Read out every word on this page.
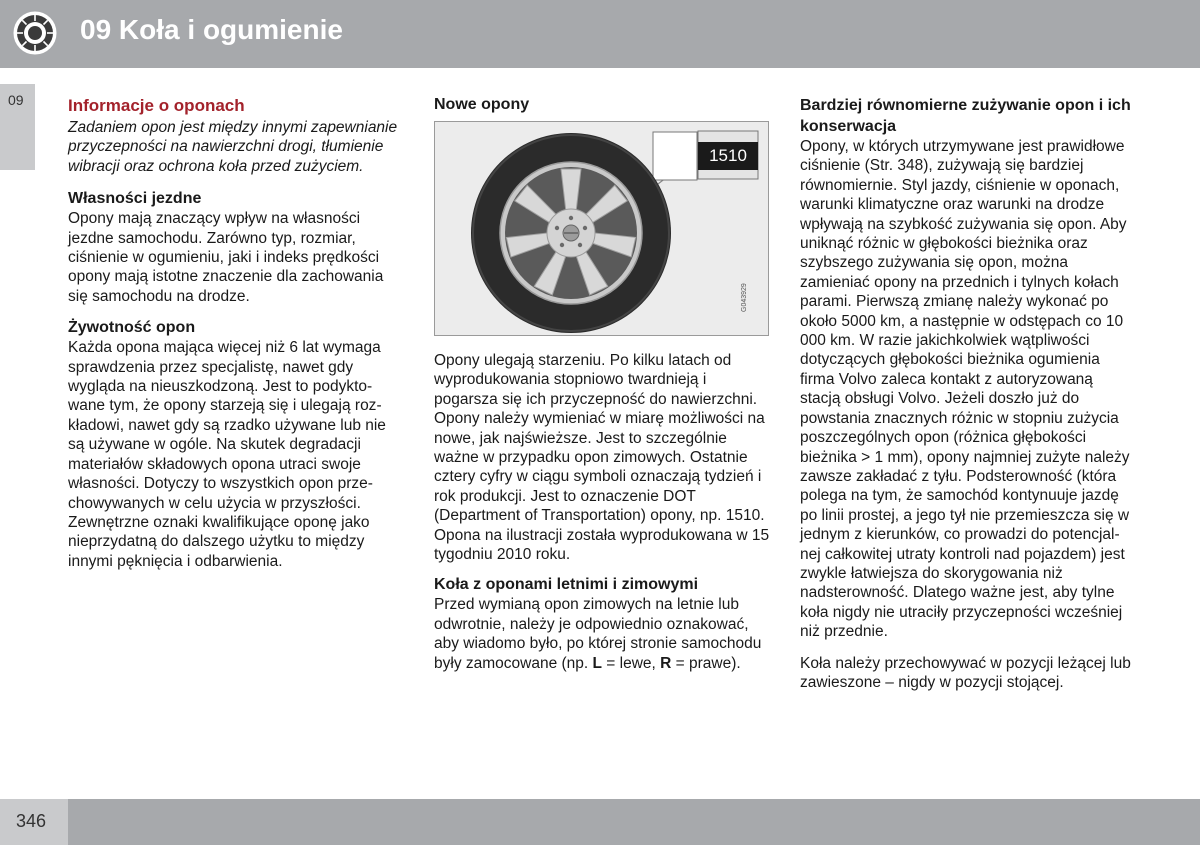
09 Koła i ogumienie
09	Informacje o oponach

Zadaniem opon jest między innymi zapewnianie przyczepności na nawierzchni drogi, tłumienie wibracji oraz ochrona koła przed zużyciem.

Własności jezdne

Opony mają znaczący wpływ na własności jezdne samochodu. Zarówno typ, rozmiar, ciśnienie w ogumieniu, jaki i indeks prędkości opony mają istotne znaczenie dla zachowania się samochodu na drodze.

Żywotność opon

Każda opona mająca więcej niż 6 lat wymaga sprawdzenia przez specjalistę, nawet gdy wygląda na nieuszkodzoną. Jest to podyktowane tym, że opony starzeją się i ulegają rozkładowi, nawet gdy są rzadko używane lub nie są używane w ogóle. Na skutek degradacji materiałów składowych opona utraci swoje własności. Dotyczy to wszystkich opon przechowywanych w celu użycia w przyszłości. Zewnętrzne oznaki kwalifikujące oponę jako nieprzydatną do dalszego użytku to między innymi pęknięcia i odbarwienia.

Nowe opony

1510
G043929

Opony ulegają starzeniu. Po kilku latach od wyprodukowania stopniowo twardnieją i pogarsza się ich przyczepność do nawierzchni. Opony należy wymieniać w miarę możliwości na nowe, jak najświeższe. Jest to szczególnie ważne w przypadku opon zimowych. Ostatnie cztery cyfry w ciągu symboli oznaczają tydzień i rok produkcji. Jest to oznaczenie DOT (Department of Transportation) opony, np. 1510. Opona na ilustracji została wyprodukowana w 15 tygodniu 2010 roku.

Koła z oponami letnimi i zimowymi

Przed wymianą opon zimowych na letnie lub odwrotnie, należy je odpowiednio oznakować, aby wiadomo było, po której stronie samochodu były zamocowane (np. L = lewe, R = prawe).

Bardziej równomierne zużywanie opon i ich konserwacja

Opony, w których utrzymywane jest prawidłowe ciśnienie (Str. 348), zużywają się bardziej równomiernie. Styl jazdy, ciśnienie w oponach, warunki klimatyczne oraz warunki na drodze wpływają na szybkość zużywania się opon. Aby uniknąć różnic w głębokości bieżnika oraz szybszego zużywania się opon, można zamieniać opony na przednich i tylnych kołach parami. Pierwszą zmianę należy wykonać po około 5000 km, a następnie w odstępach co 10 000 km. W razie jakichkolwiek wątpliwości dotyczących głębokości bieżnika ogumienia firma Volvo zaleca kontakt z autoryzowaną stacją obsługi Volvo. Jeżeli doszło już do powstania znacznych różnic w stopniu zużycia poszczególnych opon (różnica głębokości bieżnika > 1 mm), opony najmniej zużyte należy zawsze zakładać z tyłu. Podsterowność (która polega na tym, że samochód kontynuuje jazdę po linii prostej, a jego tył nie przemieszcza się w jednym z kierunków, co prowadzi do potencjalnej całkowitej utraty kontroli nad pojazdem) jest zwykle łatwiejsza do skorygowania niż nadsterowność. Dlatego ważne jest, aby tylne koła nigdy nie utraciły przyczepności wcześniej niż przednie.

Koła należy przechowywać w pozycji leżącej lub zawieszone – nigdy w pozycji stojącej.

346
